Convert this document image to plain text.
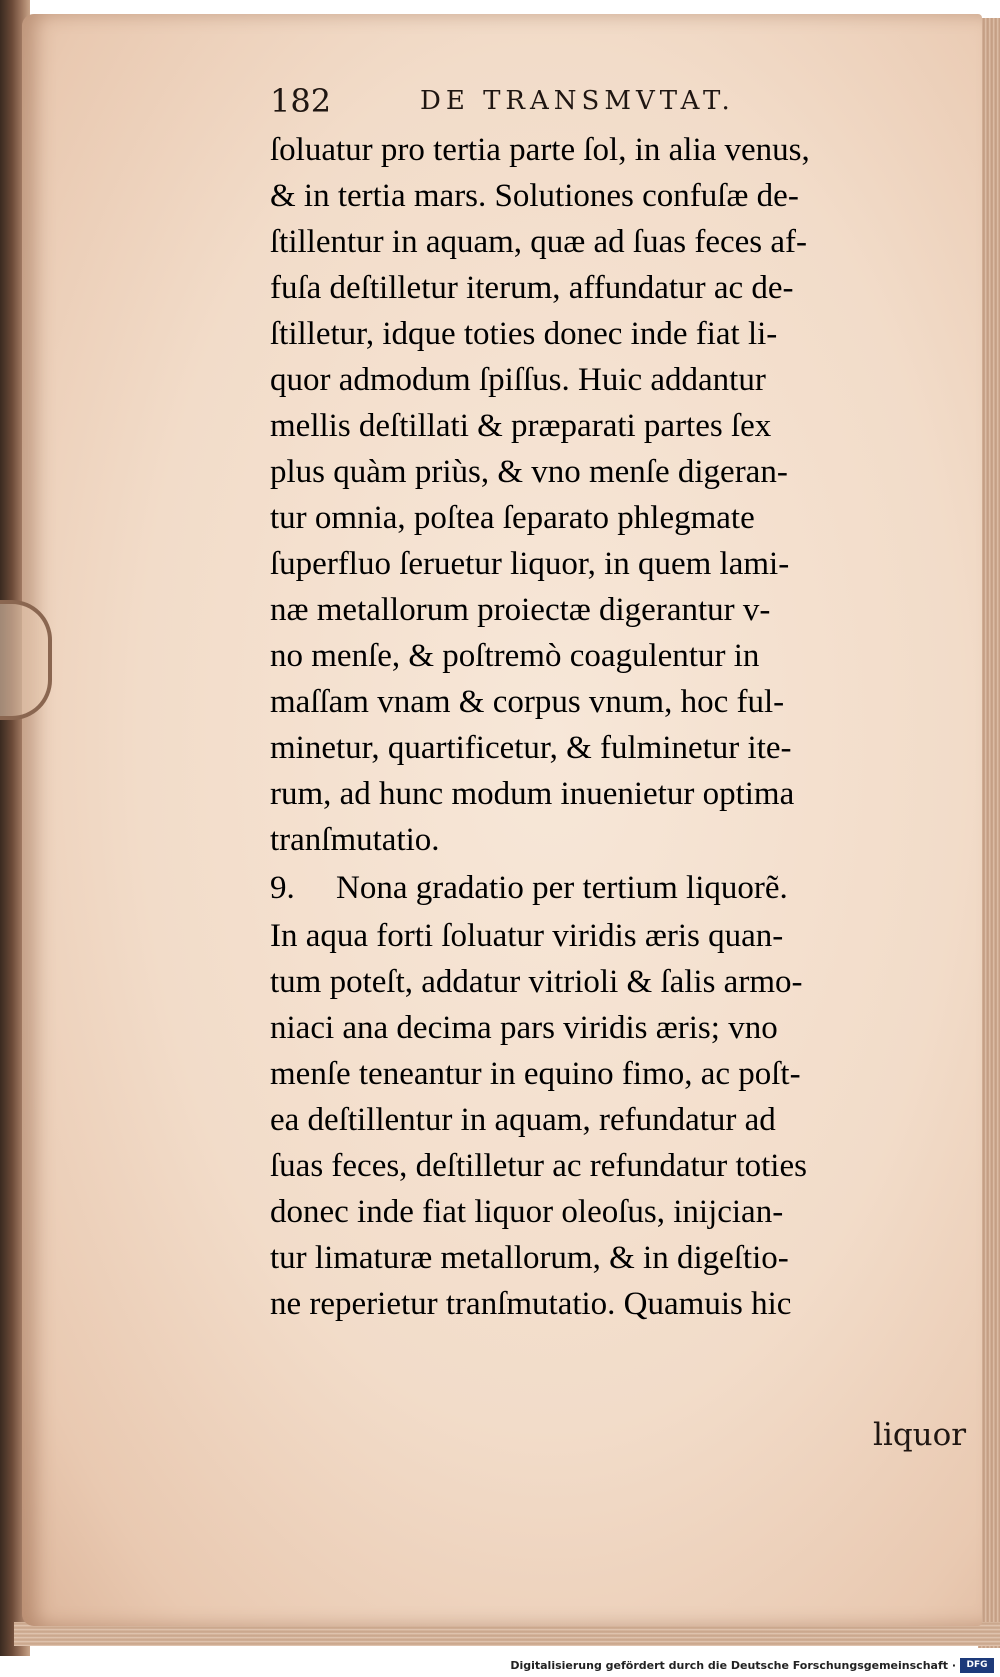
182	DE TRANSMVTAT.
ſoluatur pro tertia parte ſol, in alia venus,
& in tertia mars. Solutiones confuſæ de-
ſtillentur in aquam, quæ ad ſuas feces af-
fuſa deſtilletur iterum, affundatur ac de-
ſtilletur, idque toties donec inde fiat li-
quor admodum ſpiſſus. Huic addantur
mellis deſtillati & præparati partes ſex
plus quàm priùs, & vno menſe digeran-
tur omnia, poſtea ſeparato phlegmate
ſuperfluo ſeruetur liquor, in quem lami-
næ metallorum proiectæ digerantur v-
no menſe, & poſtremò coagulentur in
maſſam vnam & corpus vnum, hoc ful-
minetur, quartificetur, & fulminetur ite-
rum, ad hunc modum inuenietur optima
tranſmutatio.
9.     Nona gradatio per tertium liquorẽ.
In aqua forti ſoluatur viridis æris quan-
tum poteſt, addatur vitrioli & ſalis armo-
niaci ana decima pars viridis æris; vno
menſe teneantur in equino fimo, ac poſt-
ea deſtillentur in aquam, refundatur ad
ſuas feces, deſtilletur ac refundatur toties
donec inde fiat liquor oleoſus, inijcian-
tur limaturæ metallorum, & in digeſtio-
ne reperietur tranſmutatio. Quamuis hic
liquor
Digitalisierung gefördert durch die Deutsche Forschungsgemeinschaft ·	DFG
